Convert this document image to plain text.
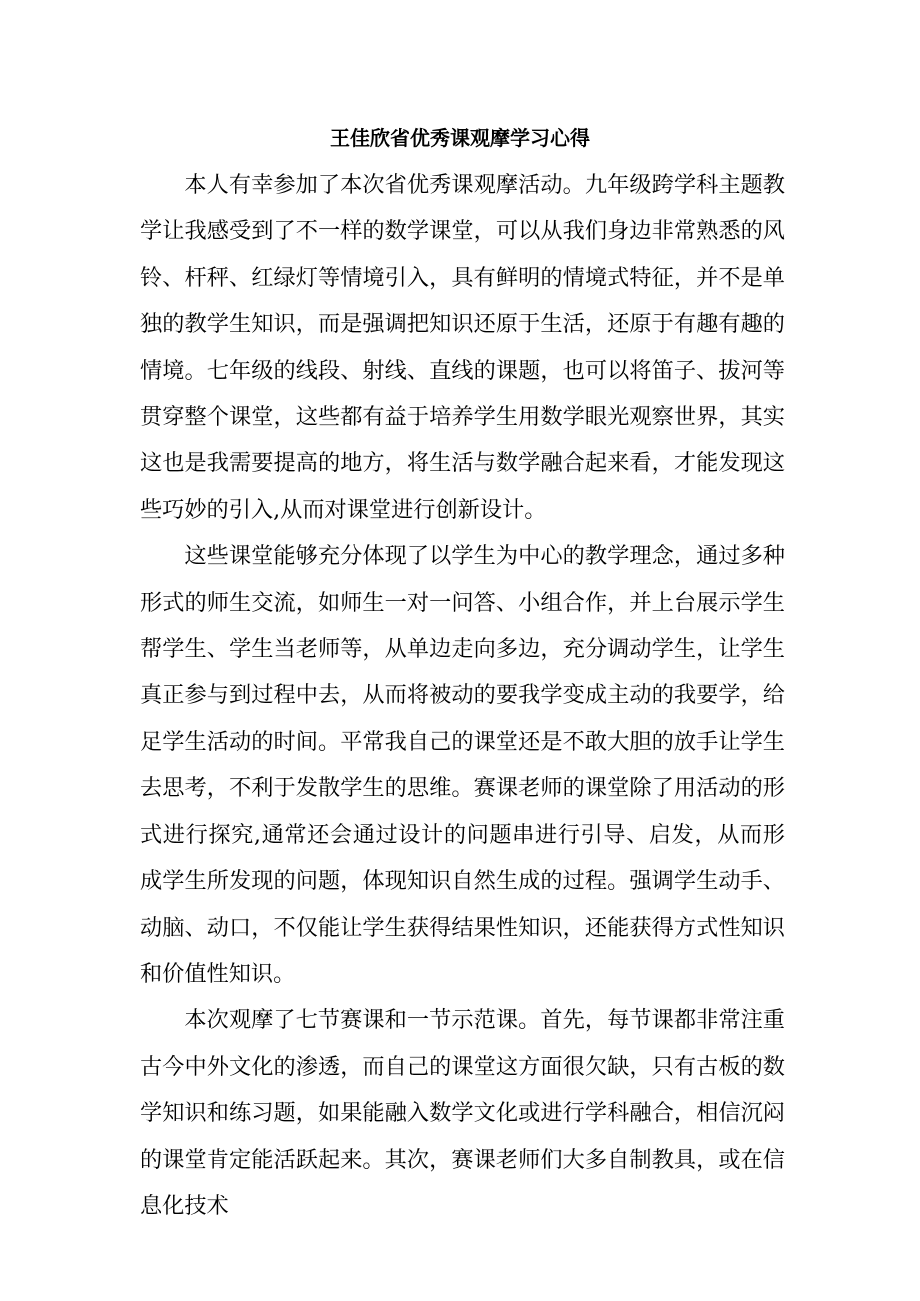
王佳欣省优秀课观摩学习心得

本人有幸参加了本次省优秀课观摩活动。九年级跨学科主题教学让我感受到了不一样的数学课堂，可以从我们身边非常熟悉的风铃、杆秤、红绿灯等情境引入，具有鲜明的情境式特征，并不是单独的教学生知识，而是强调把知识还原于生活，还原于有趣有趣的情境。七年级的线段、射线、直线的课题，也可以将笛子、拔河等贯穿整个课堂，这些都有益于培养学生用数学眼光观察世界，其实这也是我需要提高的地方，将生活与数学融合起来看，才能发现这些巧妙的引入,从而对课堂进行创新设计。

这些课堂能够充分体现了以学生为中心的教学理念，通过多种形式的师生交流，如师生一对一问答、小组合作，并上台展示学生帮学生、学生当老师等，从单边走向多边，充分调动学生，让学生真正参与到过程中去，从而将被动的要我学变成主动的我要学，给足学生活动的时间。平常我自己的课堂还是不敢大胆的放手让学生去思考，不利于发散学生的思维。赛课老师的课堂除了用活动的形式进行探究,通常还会通过设计的问题串进行引导、启发，从而形成学生所发现的问题，体现知识自然生成的过程。强调学生动手、动脑、动口，不仅能让学生获得结果性知识，还能获得方式性知识和价值性知识。

本次观摩了七节赛课和一节示范课。首先，每节课都非常注重古今中外文化的渗透，而自己的课堂这方面很欠缺，只有古板的数学知识和练习题，如果能融入数学文化或进行学科融合，相信沉闷的课堂肯定能活跃起来。其次，赛课老师们大多自制教具，或在信息化技术
